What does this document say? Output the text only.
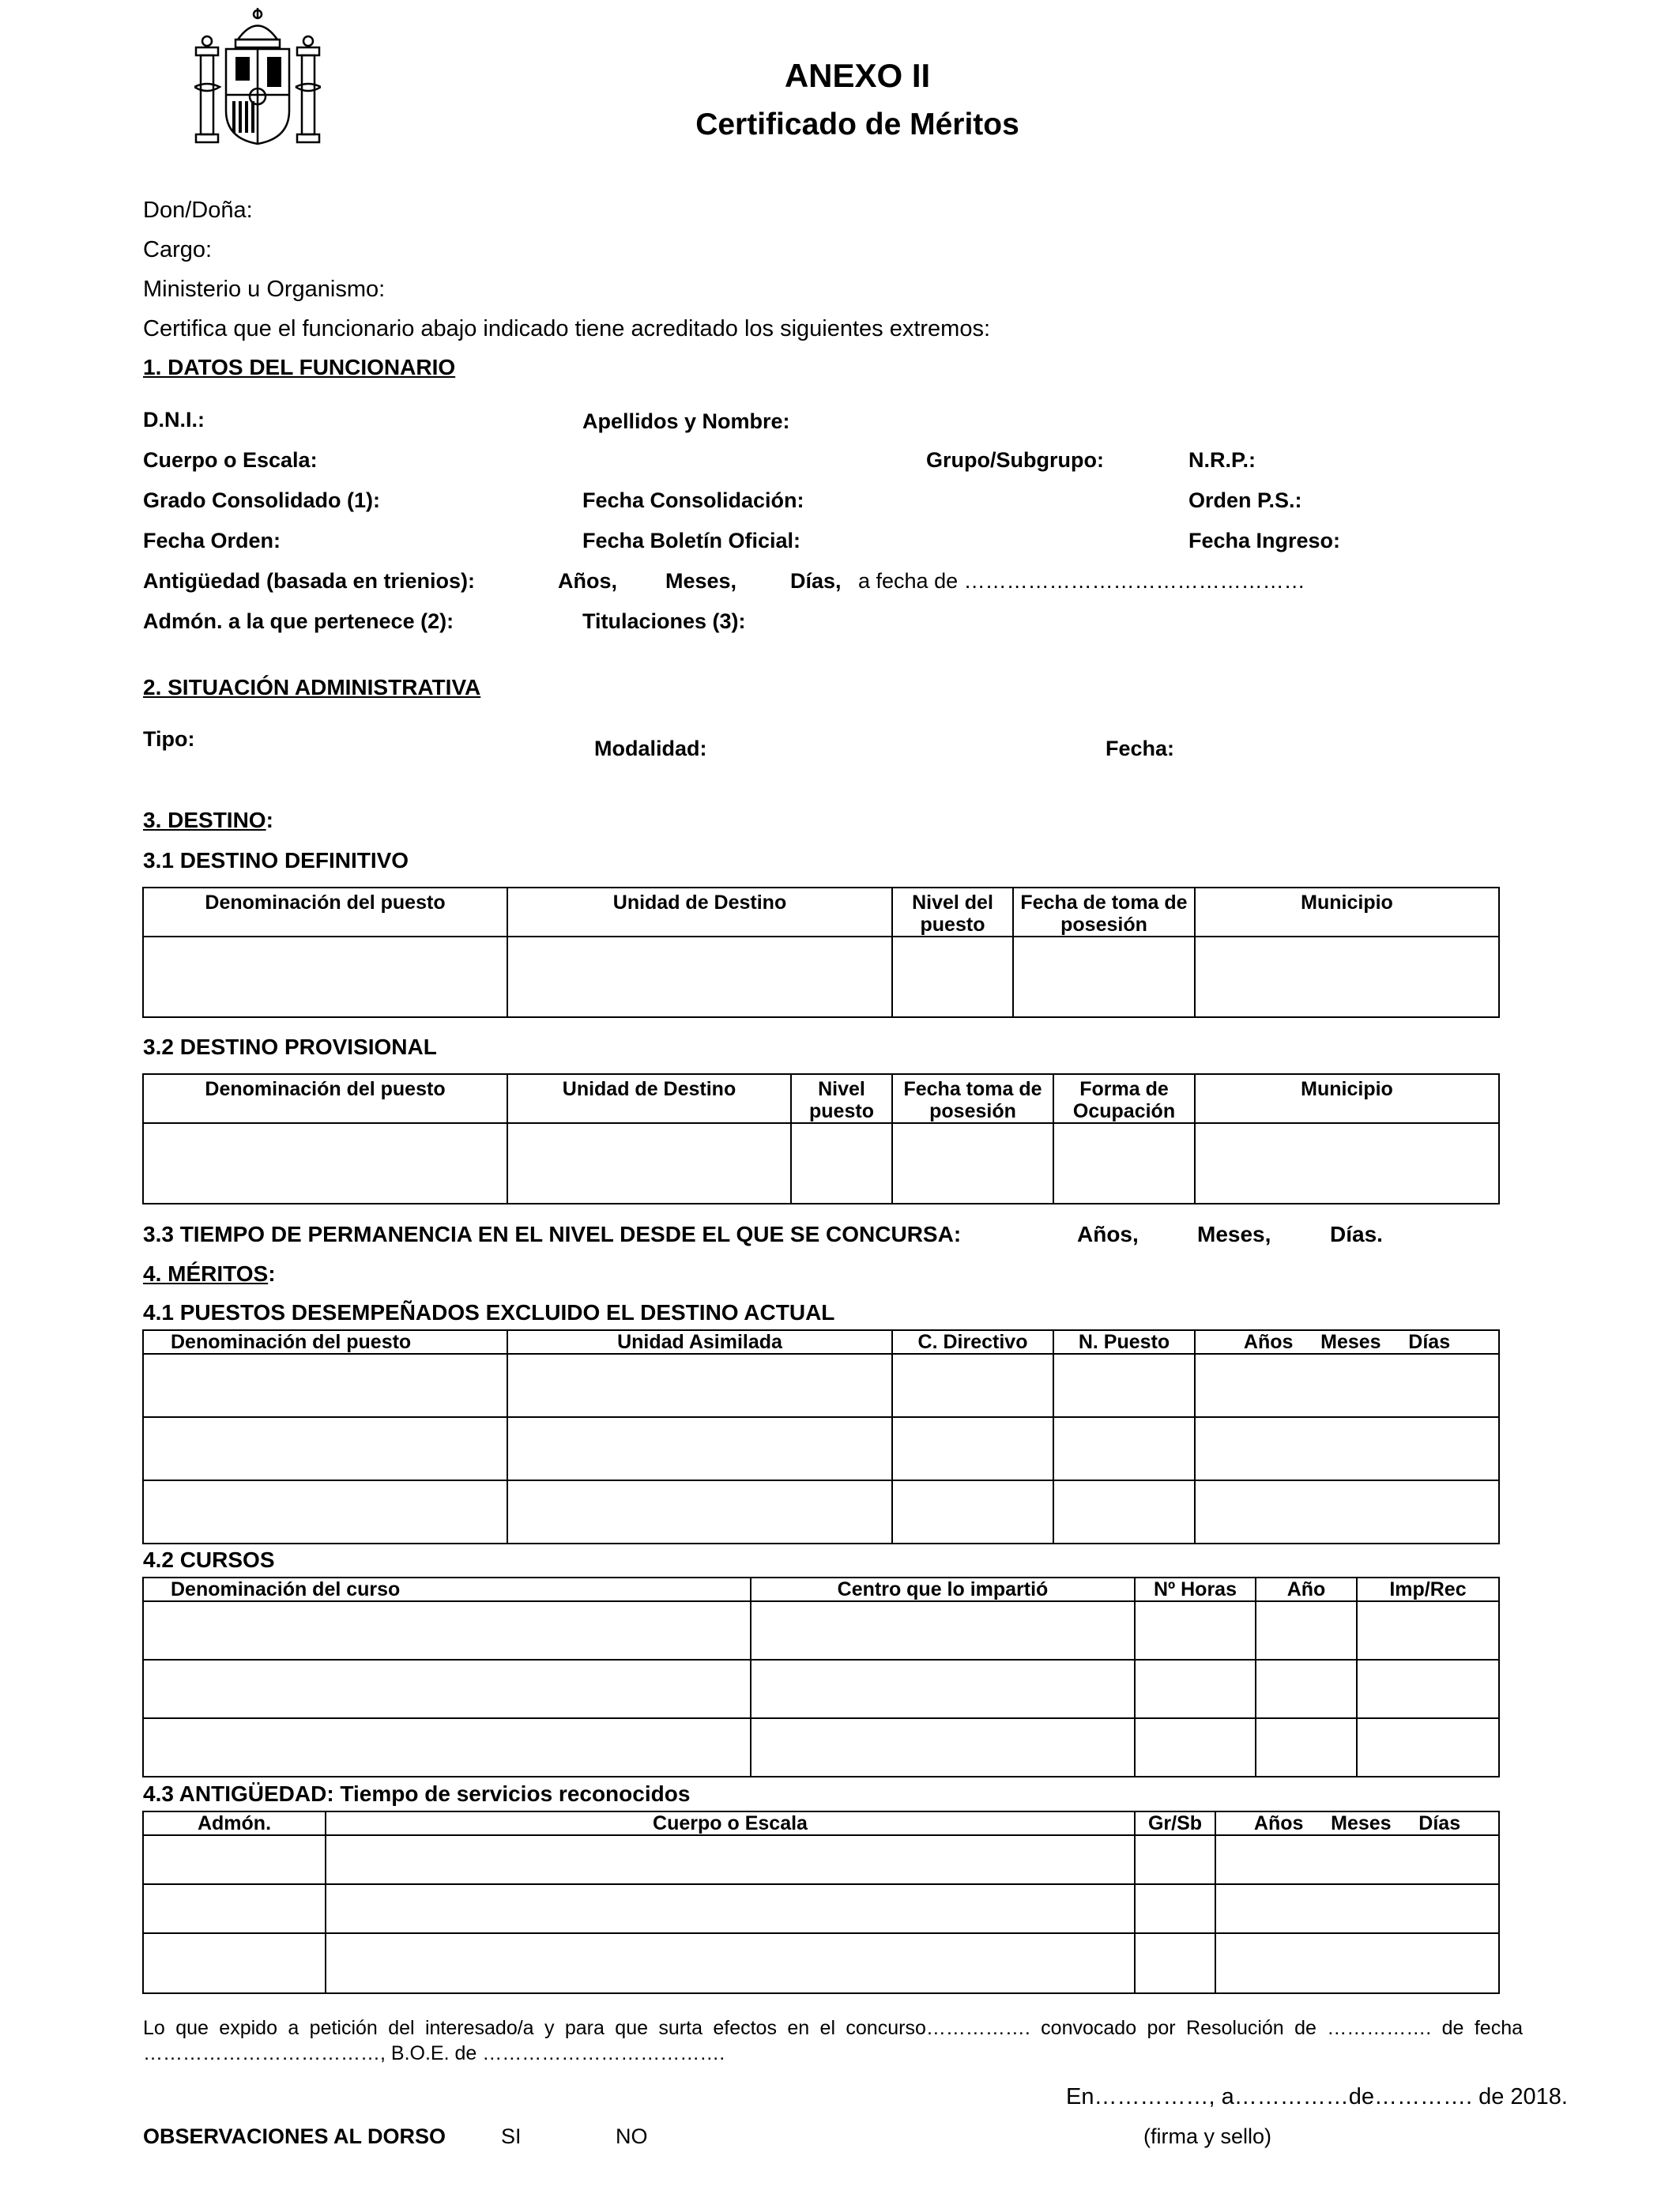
ANEXO II
Certificado de Méritos
Don/Doña:
Cargo:
Ministerio u Organismo:
Certifica que el funcionario abajo indicado tiene acreditado los siguientes extremos:
1. DATOS DEL FUNCIONARIO
D.N.I.:	Apellidos y Nombre:
Cuerpo o Escala:	Grupo/Subgrupo:	N.R.P.:
Grado Consolidado (1):	Fecha Consolidación:	Orden P.S.:
Fecha Orden:	Fecha Boletín Oficial:	Fecha Ingreso:
Antigüedad (basada en trienios):	Años, Meses,	Días, a fecha de …………………………………………
Admón. a la que pertenece (2):	Titulaciones (3):
2. SITUACIÓN ADMINISTRATIVA
Tipo:	Modalidad:	Fecha:
3. DESTINO:
3.1 DESTINO DEFINITIVO
Denominación del puesto	Unidad de Destino	Nivel del puesto	Fecha de toma de posesión	Municipio

3.2 DESTINO PROVISIONAL
Denominación del puesto	Unidad de Destino	Nivel puesto	Fecha toma de posesión	Forma de Ocupación	Municipio

3.3 TIEMPO DE PERMANENCIA EN EL NIVEL DESDE EL QUE SE CONCURSA:	Años,	Meses,	Días.
4. MÉRITOS:
4.1 PUESTOS DESEMPEÑADOS EXCLUIDO EL DESTINO ACTUAL
Denominación del puesto	Unidad Asimilada	C. Directivo	N. Puesto	Años     Meses     Días

4.2 CURSOS
Denominación del curso	Centro que lo impartió	Nº Horas	Año	Imp/Rec

4.3 ANTIGÜEDAD: Tiempo de servicios reconocidos
Admón.	Cuerpo o Escala	Gr/Sb	Años     Meses     Días

Lo que expido a petición del interesado/a y para que surta efectos en el concurso……………. convocado por Resolución de ……………. de fecha
………………………………, B.O.E. de ……………………………….
En……………, a……………de…………. de 2018.
OBSERVACIONES AL DORSO	SI	NO	(firma y sello)
